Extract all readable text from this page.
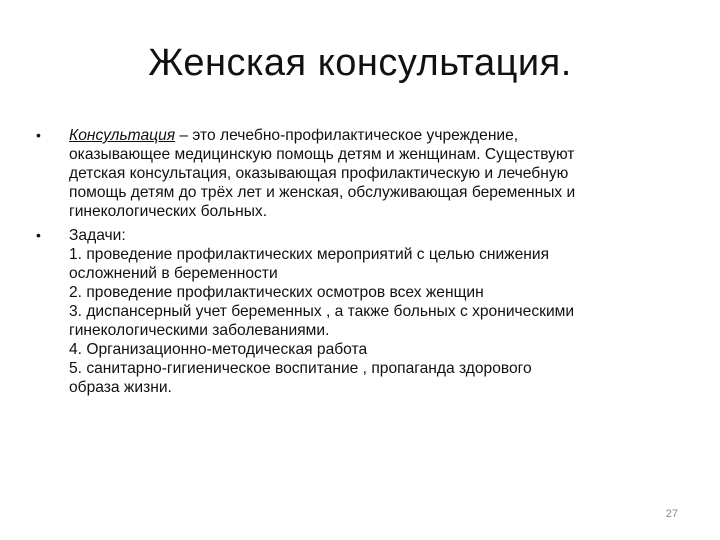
Женская консультация.
• Консультация – это лечебно-профилактическое учреждение,
оказывающее медицинскую помощь детям и женщинам. Существуют
детская консультация, оказывающая профилактическую и лечебную
помощь детям до трёх лет и женская, обслуживающая беременных и
гинекологических больных.
• Задачи:
1. проведение профилактических мероприятий с целью снижения
осложнений в беременности
2. проведение профилактических осмотров всех женщин
3. диспансерный учет беременных , а также больных с хроническими
гинекологическими заболеваниями.
4. Организационно-методическая работа
5. санитарно-гигиеническое воспитание , пропаганда здорового
образа жизни.
27
